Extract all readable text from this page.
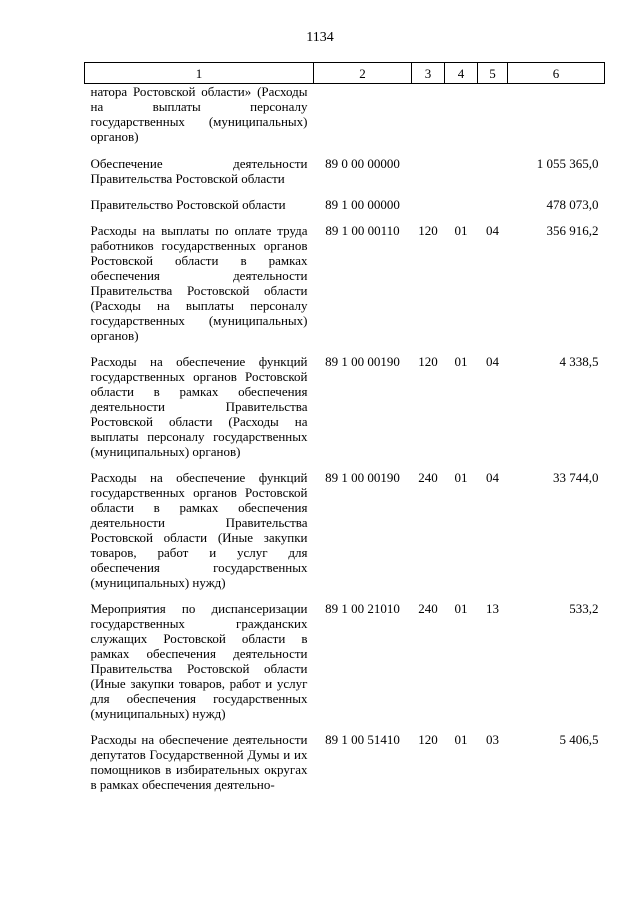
1134
1	2	3	4	5	6
натора Ростовской области» (Расходы на выплаты персоналу государственных (муниципальных) органов)					
Обеспечение деятельности Правительства Ростовской области	89 0 00 00000				1 055 365,0
Правительство Ростовской области	89 1 00 00000				478 073,0
Расходы на выплаты по оплате труда работников государственных органов Ростовской области в рамках обеспечения деятельности Правительства Ростовской области (Расходы на выплаты персоналу государственных (муниципальных) органов)	89 1 00 00110	120	01	04	356 916,2
Расходы на обеспечение функций государственных органов Ростовской области в рамках обеспечения деятельности Правительства Ростовской области (Расходы на выплаты персоналу государственных (муниципальных) органов)	89 1 00 00190	120	01	04	4 338,5
Расходы на обеспечение функций государственных органов Ростовской области в рамках обеспечения деятельности Правительства Ростовской области (Иные закупки товаров, работ и услуг для обеспечения государственных (муниципальных) нужд)	89 1 00 00190	240	01	04	33 744,0
Мероприятия по диспансеризации государственных гражданских служащих Ростовской области в рамках обеспечения деятельности Правительства Ростовской области (Иные закупки товаров, работ и услуг для обеспечения государственных (муниципальных) нужд)	89 1 00 21010	240	01	13	533,2
Расходы на обеспечение деятельности депутатов Государственной Думы и их помощников в избирательных округах в рамках обеспечения деятельно-	89 1 00 51410	120	01	03	5 406,5
